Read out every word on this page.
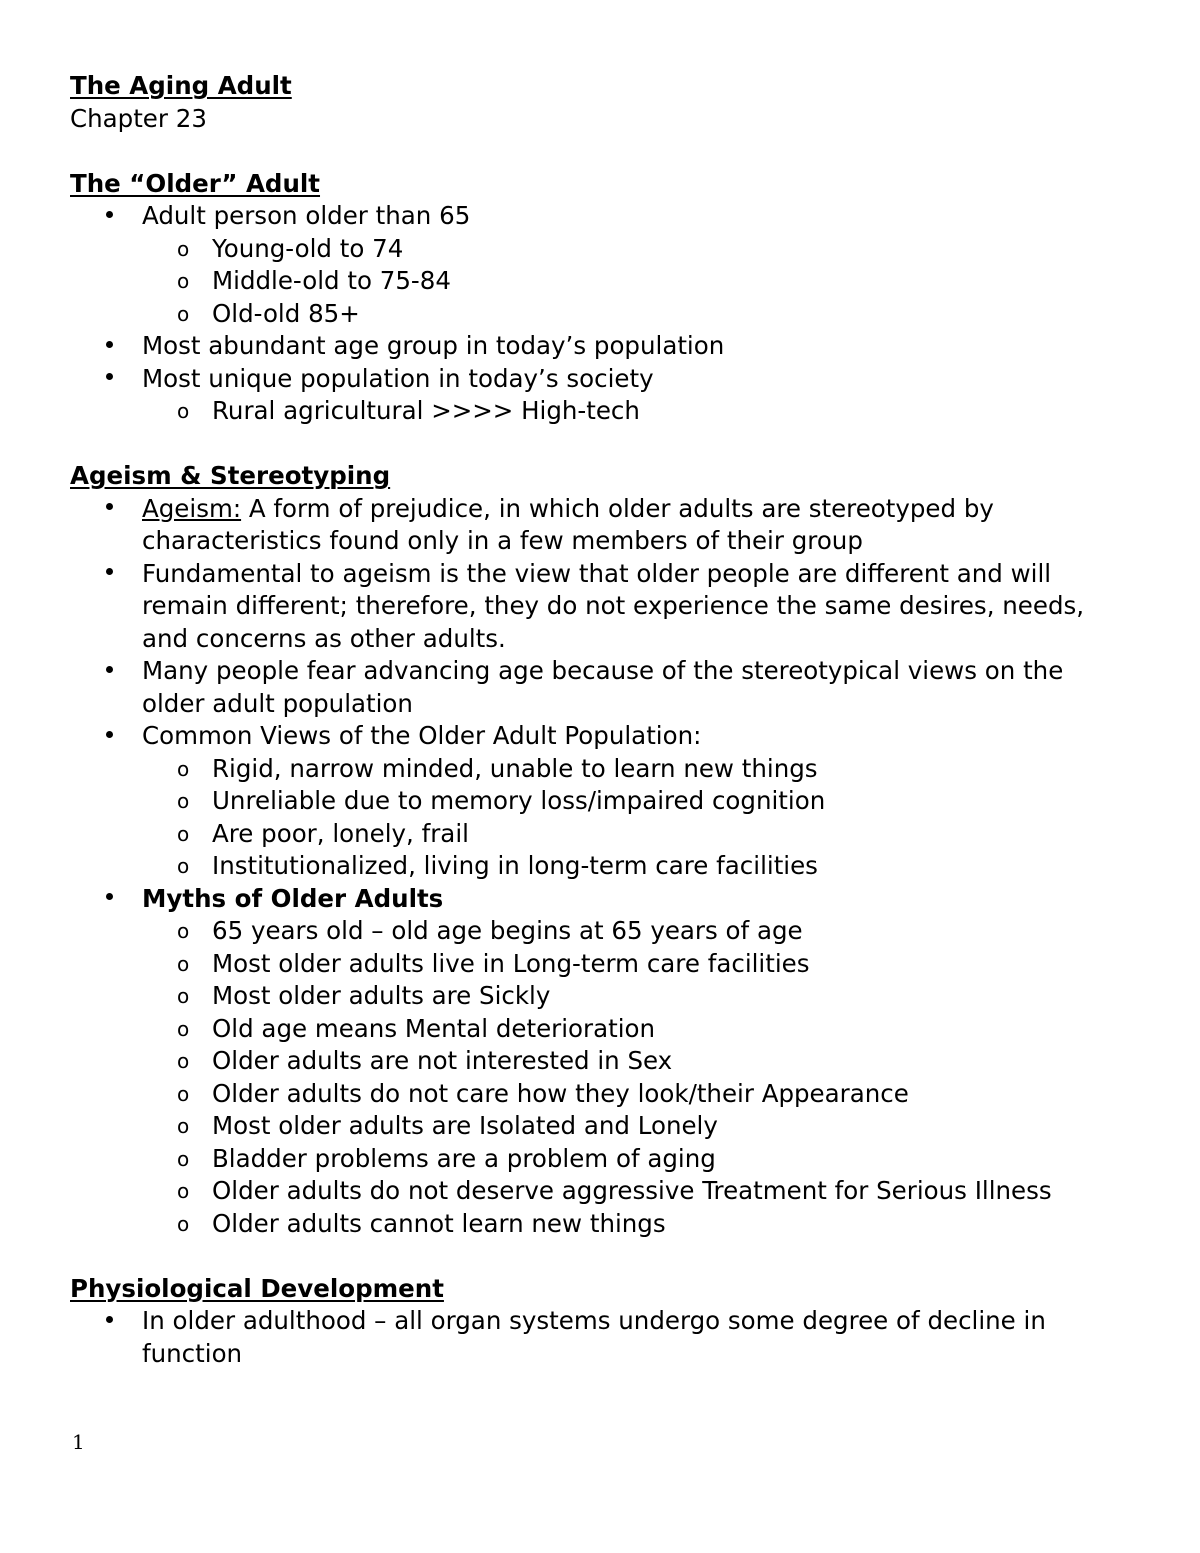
The Aging Adult
Chapter 23
The “Older” Adult
Adult person older than 65
o Young-old to 74
o Middle-old to 75-84
o Old-old 85+
Most abundant age group in today’s population
Most unique population in today’s society
o Rural agricultural >>>> High-tech
Ageism & Stereotyping
Ageism: A form of prejudice, in which older adults are stereotyped by characteristics found only in a few members of their group
Fundamental to ageism is the view that older people are different and will remain different; therefore, they do not experience the same desires, needs, and concerns as other adults.
Many people fear advancing age because of the stereotypical views on the older adult population
Common Views of the Older Adult Population:
o Rigid, narrow minded, unable to learn new things
o Unreliable due to memory loss/impaired cognition
o Are poor, lonely, frail
o Institutionalized, living in long-term care facilities
Myths of Older Adults
o 65 years old – old age begins at 65 years of age
o Most older adults live in Long-term care facilities
o Most older adults are Sickly
o Old age means Mental deterioration
o Older adults are not interested in Sex
o Older adults do not care how they look/their Appearance
o Most older adults are Isolated and Lonely
o Bladder problems are a problem of aging
o Older adults do not deserve aggressive Treatment for Serious Illness
o Older adults cannot learn new things
Physiological Development
In older adulthood – all organ systems undergo some degree of decline in function
1
